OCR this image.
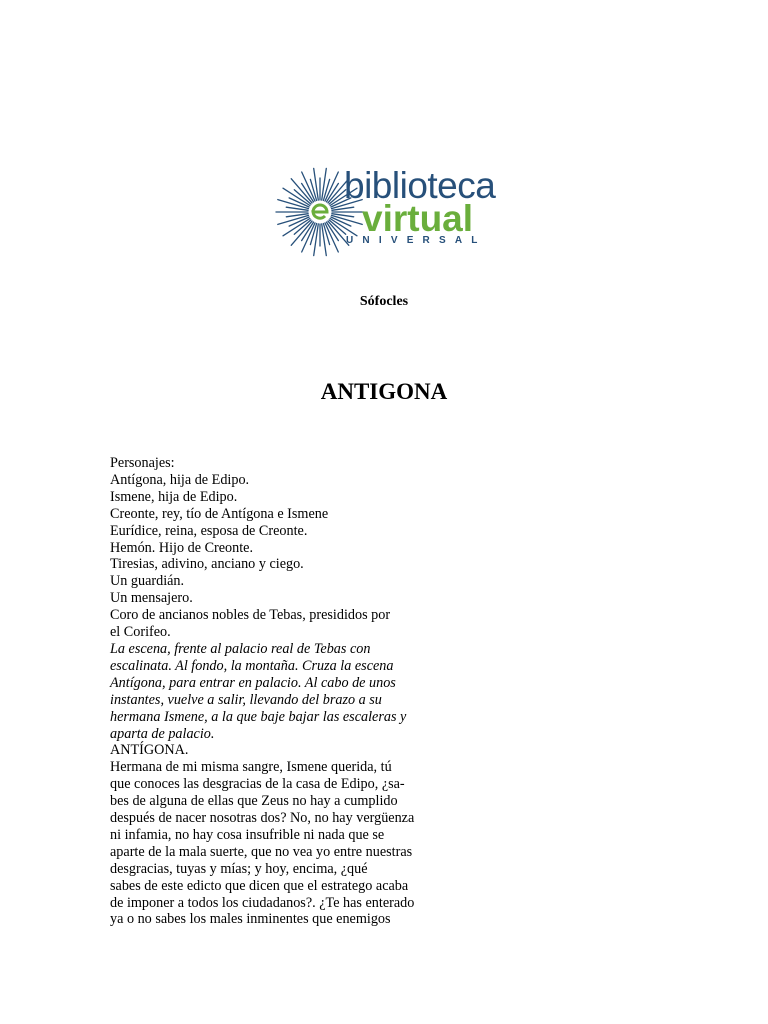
biblioteca
virtual
UNIVERSAL
Sófocles
ANTIGONA
Personajes:
Antígona, hija de Edipo.
Ismene, hija de Edipo.
Creonte, rey, tío de Antígona e Ismene
Eurídice, reina, esposa de Creonte.
Hemón. Hijo de Creonte.
Tiresias, adivino, anciano y ciego.
Un guardián.
Un mensajero.
Coro de ancianos nobles de Tebas, presididos por
el Corifeo.
La escena, frente al palacio real de Tebas con
escalinata. Al fondo, la montaña. Cruza la escena
Antígona, para entrar en palacio. Al cabo de unos
instantes, vuelve a salir, llevando del brazo a su
hermana Ismene, a la que baje bajar las escaleras y
aparta de palacio.
ANTÍGONA.
Hermana de mi misma sangre, Ismene querida, tú
que conoces las desgracias de la casa de Edipo, ¿sa-
bes de alguna de ellas que Zeus no hay a cumplido
después de nacer nosotras dos? No, no hay vergüenza
ni infamia, no hay cosa insufrible ni nada que se
aparte de la mala suerte, que no vea yo entre nuestras
desgracias, tuyas y mías; y hoy, encima, ¿qué
sabes de este edicto que dicen que el estratego acaba
de imponer a todos los ciudadanos?. ¿Te has enterado
ya o no sabes los males inminentes que enemigos
